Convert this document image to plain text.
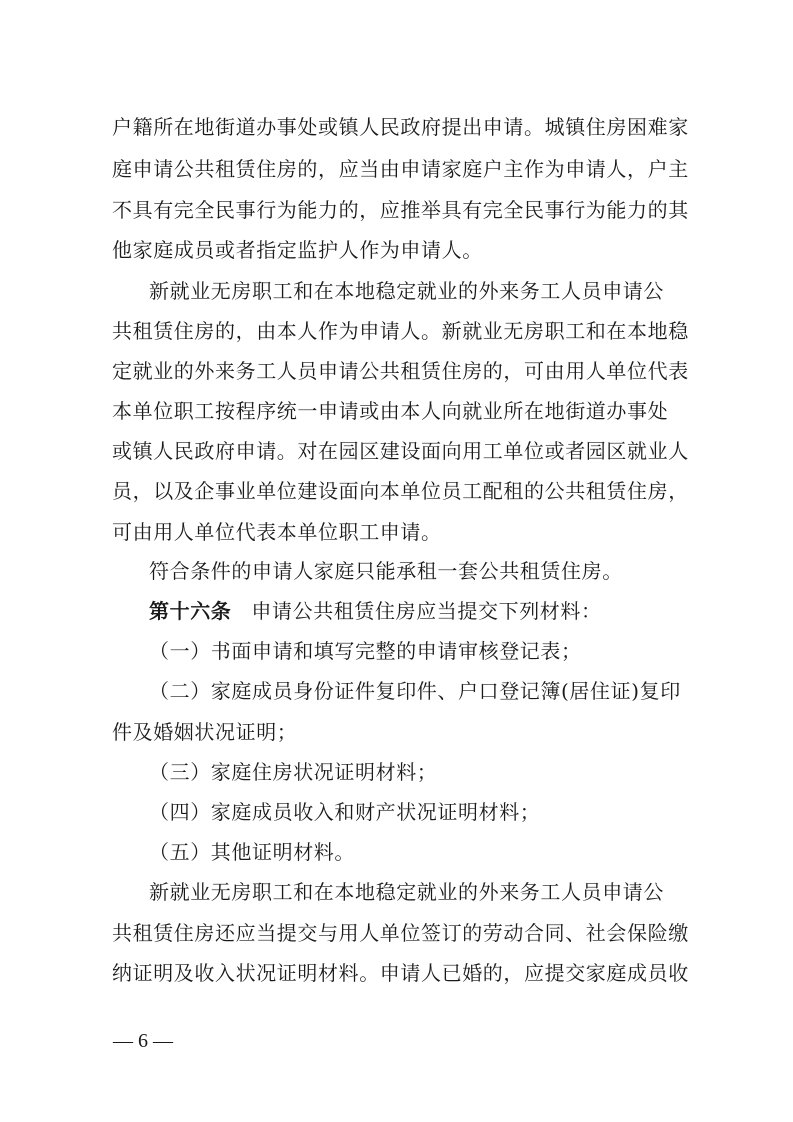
户籍所在地街道办事处或镇人民政府提出申请。城镇住房困难家
庭申请公共租赁住房的，应当由申请家庭户主作为申请人，户主
不具有完全民事行为能力的，应推举具有完全民事行为能力的其
他家庭成员或者指定监护人作为申请人。
新就业无房职工和在本地稳定就业的外来务工人员申请公
共租赁住房的，由本人作为申请人。新就业无房职工和在本地稳
定就业的外来务工人员申请公共租赁住房的，可由用人单位代表
本单位职工按程序统一申请或由本人向就业所在地街道办事处
或镇人民政府申请。对在园区建设面向用工单位或者园区就业人
员，以及企事业单位建设面向本单位员工配租的公共租赁住房，
可由用人单位代表本单位职工申请。
符合条件的申请人家庭只能承租一套公共租赁住房。
第十六条 申请公共租赁住房应当提交下列材料：
（一）书面申请和填写完整的申请审核登记表；
（二）家庭成员身份证件复印件、户口登记簿(居住证)复印
件及婚姻状况证明；
（三）家庭住房状况证明材料；
（四）家庭成员收入和财产状况证明材料；
（五）其他证明材料。
新就业无房职工和在本地稳定就业的外来务工人员申请公
共租赁住房还应当提交与用人单位签订的劳动合同、社会保险缴
纳证明及收入状况证明材料。申请人已婚的，应提交家庭成员收
— 6 —
